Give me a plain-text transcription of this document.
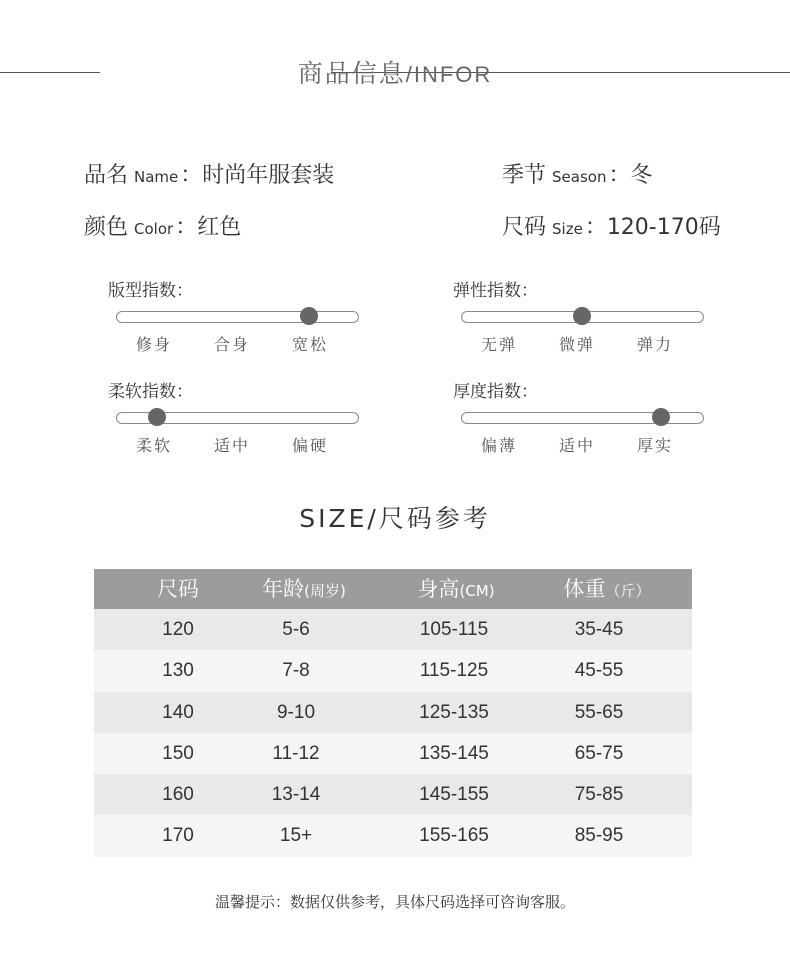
商品信息/INFOR
品名 Name：时尚年服套装	季节 Season：冬
颜色 Color：红色	尺码 Size：120-170码
版型指数：
修身	合身	宽松
弹性指数：
无弹	微弹	弹力
柔软指数：
柔软	适中	偏硬
厚度指数：
偏薄	适中	厚实
SIZE/尺码参考
尺码	年龄(周岁)	身高(CM)	体重（斤）
120	5-6	105-115	35-45
130	7-8	115-125	45-55
140	9-10	125-135	55-65
150	11-12	135-145	65-75
160	13-14	145-155	75-85
170	15+	155-165	85-95
温馨提示：数据仅供参考，具体尺码选择可咨询客服。
